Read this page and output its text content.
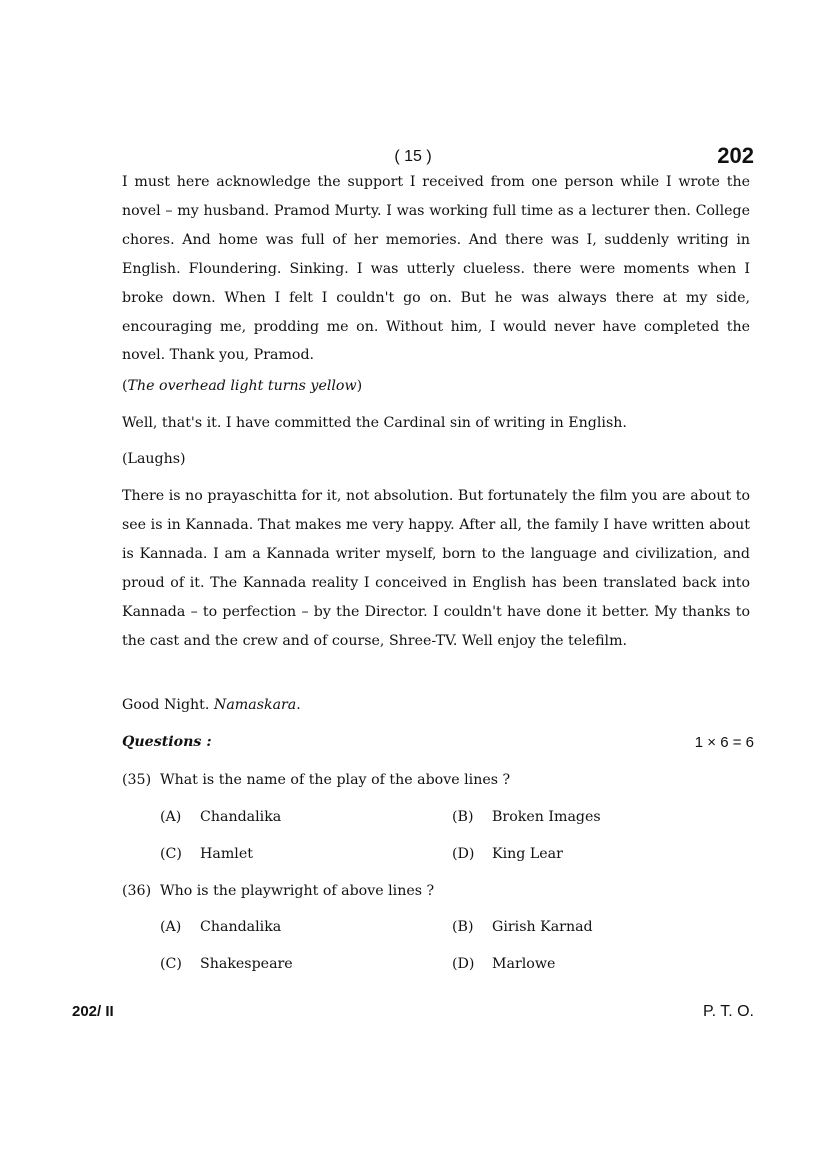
( 15 )	202

I must here acknowledge the support I received from one person while I wrote the novel – my husband. Pramod Murty. I was working full time as a lecturer then. College chores. And home was full of her memories. And there was I, suddenly writing in English. Floundering. Sinking. I was utterly clueless. there were moments when I broke down. When I felt I couldn't go on. But he was always there at my side, encouraging me, prodding me on. Without him, I would never have completed the novel. Thank you, Pramod.

(The overhead light turns yellow)

Well, that's it. I have committed the Cardinal sin of writing in English.

(Laughs)

There is no prayaschitta for it, not absolution. But fortunately the film you are about to see is in Kannada. That makes me very happy. After all, the family I have written about is Kannada. I am a Kannada writer myself, born to the language and civilization, and proud of it. The Kannada reality I conceived in English has been translated back into Kannada – to perfection – by the Director. I couldn't have done it better. My thanks to the cast and the crew and of course, Shree-TV. Well enjoy the telefilm.

Good Night. Namaskara.

Questions :	1 × 6 = 6
(35) What is the name of the play of the above lines ?
(A) Chandalika	(B) Broken Images
(C) Hamlet	(D) King Lear
(36) Who is the playwright of above lines ?
(A) Chandalika	(B) Girish Karnad
(C) Shakespeare	(D) Marlowe
202/ II	P. T. O.
